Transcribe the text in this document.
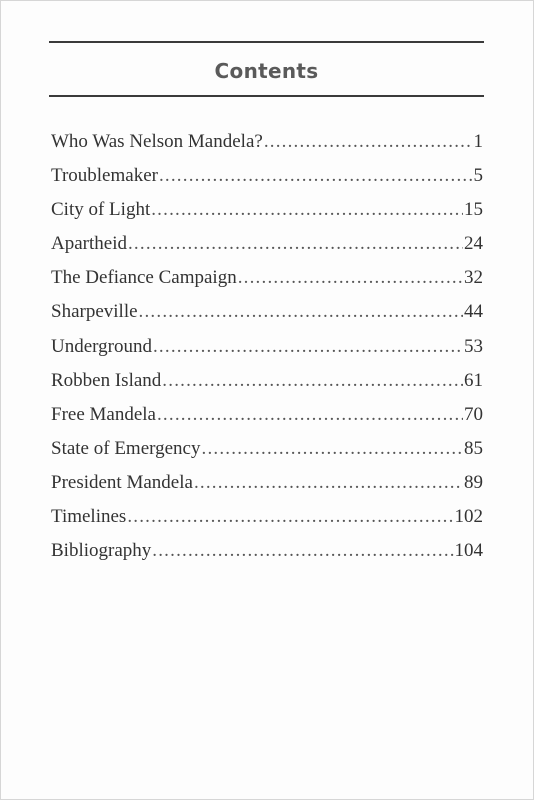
Contents
Who Was Nelson Mandela? .....	1
Troublemaker .....	5
City of Light .....	15
Apartheid .....	24
The Defiance Campaign .....	32
Sharpeville .....	44
Underground .....	53
Robben Island .....	61
Free Mandela .....	70
State of Emergency .....	85
President Mandela .....	89
Timelines .....	102
Bibliography .....	104
